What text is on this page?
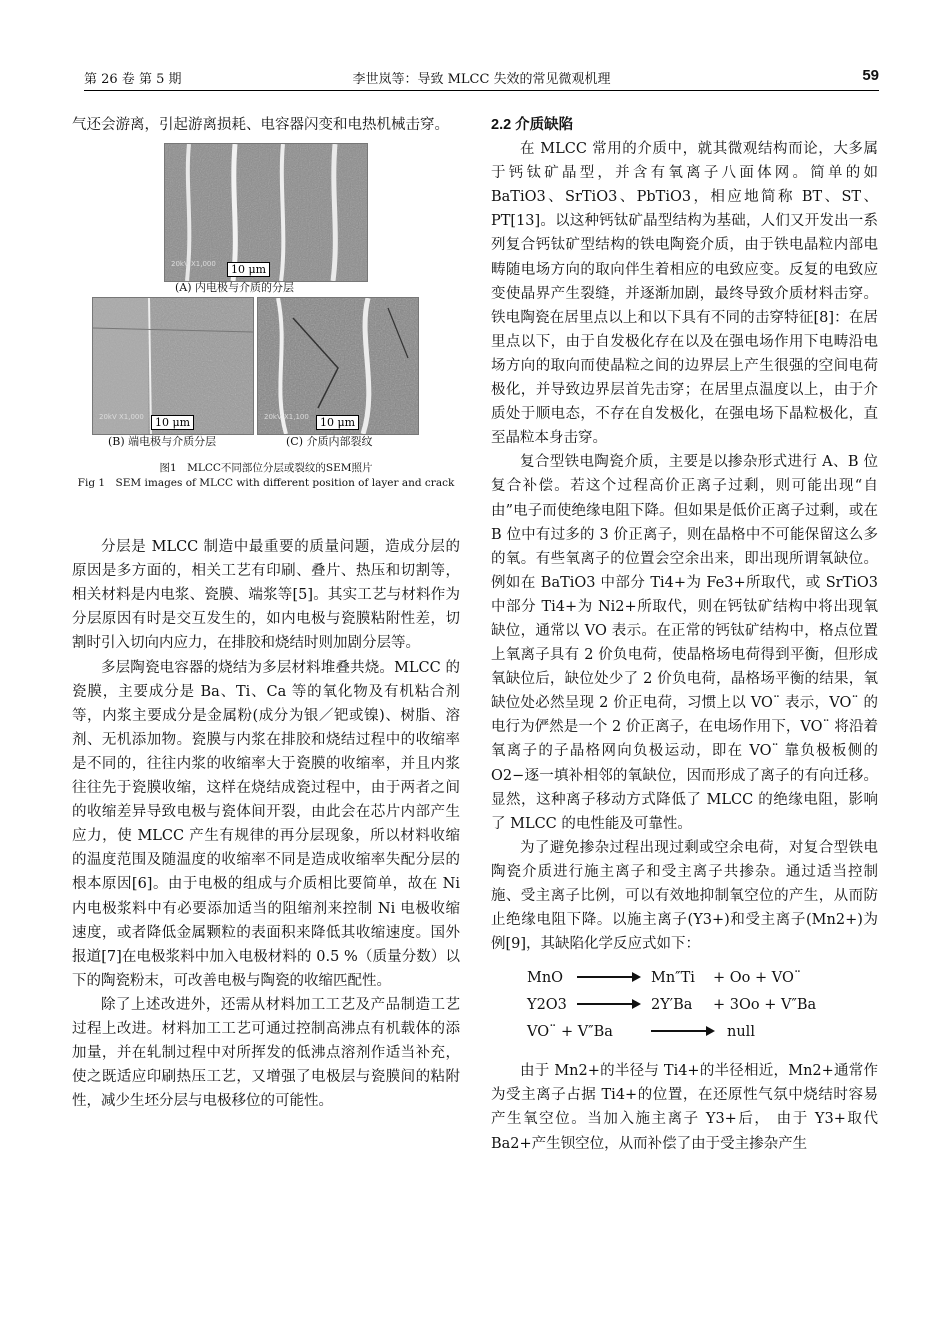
第 26 卷 第 5 期	李世岚等：导致 MLCC 失效的常见微观机理	59

气还会游离，引起游离损耗、电容器闪变和电热机械击穿。

20kV X1,000	10 μm
(A) 内电极与介质的分层
20kV X1,000	10 μm	20kV X1,100	10 μm
(B) 端电极与介质分层	(C) 介质内部裂纹
图1　MLCC不同部位分层或裂纹的SEM照片
Fig 1　SEM images of MLCC with different position of layer and crack

分层是 MLCC 制造中最重要的质量问题，造成分层的原因是多方面的，相关工艺有印刷、叠片、热压和切割等，相关材料是内电浆、瓷膜、端浆等[5]。其实工艺与材料作为分层原因有时是交互发生的，如内电极与瓷膜粘附性差，切割时引入切向内应力，在排胶和烧结时则加剧分层等。

多层陶瓷电容器的烧结为多层材料堆叠共烧。MLCC 的瓷膜，主要成分是 Ba、Ti、Ca 等的氧化物及有机粘合剂等，内浆主要成分是金属粉(成分为银／钯或镍)、树脂、溶剂、无机添加物。瓷膜与内浆在排胶和烧结过程中的收缩率是不同的，往往内浆的收缩率大于瓷膜的收缩率，并且内浆往往先于瓷膜收缩，这样在烧结成瓷过程中，由于两者之间的收缩差异导致电极与瓷体间开裂，由此会在芯片内部产生应力，使 MLCC 产生有规律的再分层现象，所以材料收缩的温度范围及随温度的收缩率不同是造成收缩率失配分层的根本原因[6]。由于电极的组成与介质相比要简单，故在 Ni 内电极浆料中有必要添加适当的阻缩剂来控制 Ni 电极收缩速度，或者降低金属颗粒的表面积来降低其收缩速度。国外报道[7]在电极浆料中加入电极材料的 0.5 %（质量分数）以下的陶瓷粉末，可改善电极与陶瓷的收缩匹配性。

除了上述改进外，还需从材料加工工艺及产品制造工艺过程上改进。材料加工工艺可通过控制高沸点有机载体的添加量，并在轧制过程中对所挥发的低沸点溶剂作适当补充，使之既适应印刷热压工艺，又增强了电极层与瓷膜间的粘附性，减少生坯分层与电极移位的可能性。

2.2 介质缺陷

在 MLCC 常用的介质中，就其微观结构而论，大多属于钙钛矿晶型，并含有氧离子八面体网。简单的如 BaTiO3、SrTiO3、PbTiO3，相应地简称 BT、ST、PT[13]。以这种钙钛矿晶型结构为基础，人们又开发出一系列复合钙钛矿型结构的铁电陶瓷介质，由于铁电晶粒内部电畴随电场方向的取向伴生着相应的电致应变。反复的电致应变使晶界产生裂缝，并逐渐加剧，最终导致介质材料击穿。铁电陶瓷在居里点以上和以下具有不同的击穿特征[8]：在居里点以下，由于自发极化存在以及在强电场作用下电畴沿电场方向的取向而使晶粒之间的边界层上产生很强的空间电荷极化，并导致边界层首先击穿；在居里点温度以上，由于介质处于顺电态，不存在自发极化，在强电场下晶粒极化，直至晶粒本身击穿。

复合型铁电陶瓷介质，主要是以掺杂形式进行 A、B 位复合补偿。若这个过程高价正离子过剩，则可能出现“自由”电子而使绝缘电阻下降。但如果是低价正离子过剩，或在 B 位中有过多的 3 价正离子，则在晶格中不可能保留这么多的氧。有些氧离子的位置会空余出来，即出现所谓氧缺位。例如在 BaTiO3 中部分 Ti4+为 Fe3+所取代，或 SrTiO3 中部分 Ti4+为 Ni2+所取代，则在钙钛矿结构中将出现氧缺位，通常以 VO 表示。在正常的钙钛矿结构中，格点位置上氧离子具有 2 价负电荷，使晶格场电荷得到平衡，但形成氧缺位后，缺位处少了 2 价负电荷，晶格场平衡的结果，氧缺位处必然呈现 2 价正电荷，习惯上以 VO¨ 表示，VO¨ 的电行为俨然是一个 2 价正离子，在电场作用下，VO¨ 将沿着氧离子的子晶格网向负极运动，即在 VO¨ 靠负极板侧的 O2−逐一填补相邻的氧缺位，因而形成了离子的有向迁移。显然，这种离子移动方式降低了 MLCC 的绝缘电阻，影响了 MLCC 的电性能及可靠性。

为了避免掺杂过程出现过剩或空余电荷，对复合型铁电陶瓷介质进行施主离子和受主离子共掺杂。通过适当控制施、受主离子比例，可以有效地抑制氧空位的产生，从而防止绝缘电阻下降。以施主离子(Y3+)和受主离子(Mn2+)为例[9]，其缺陷化学反应式如下：

MnO	Mn″Ti + Oo + VO¨
Y2O3	2Y′Ba + 3Oo + V″Ba
VO¨ + V″Ba	null

由于 Mn2+的半径与 Ti4+的半径相近，Mn2+通常作为受主离子占据 Ti4+的位置，在还原性气氛中烧结时容易产生氧空位。当加入施主离子 Y3+后， 由于 Y3+取代 Ba2+产生钡空位，从而补偿了由于受主掺杂产生
